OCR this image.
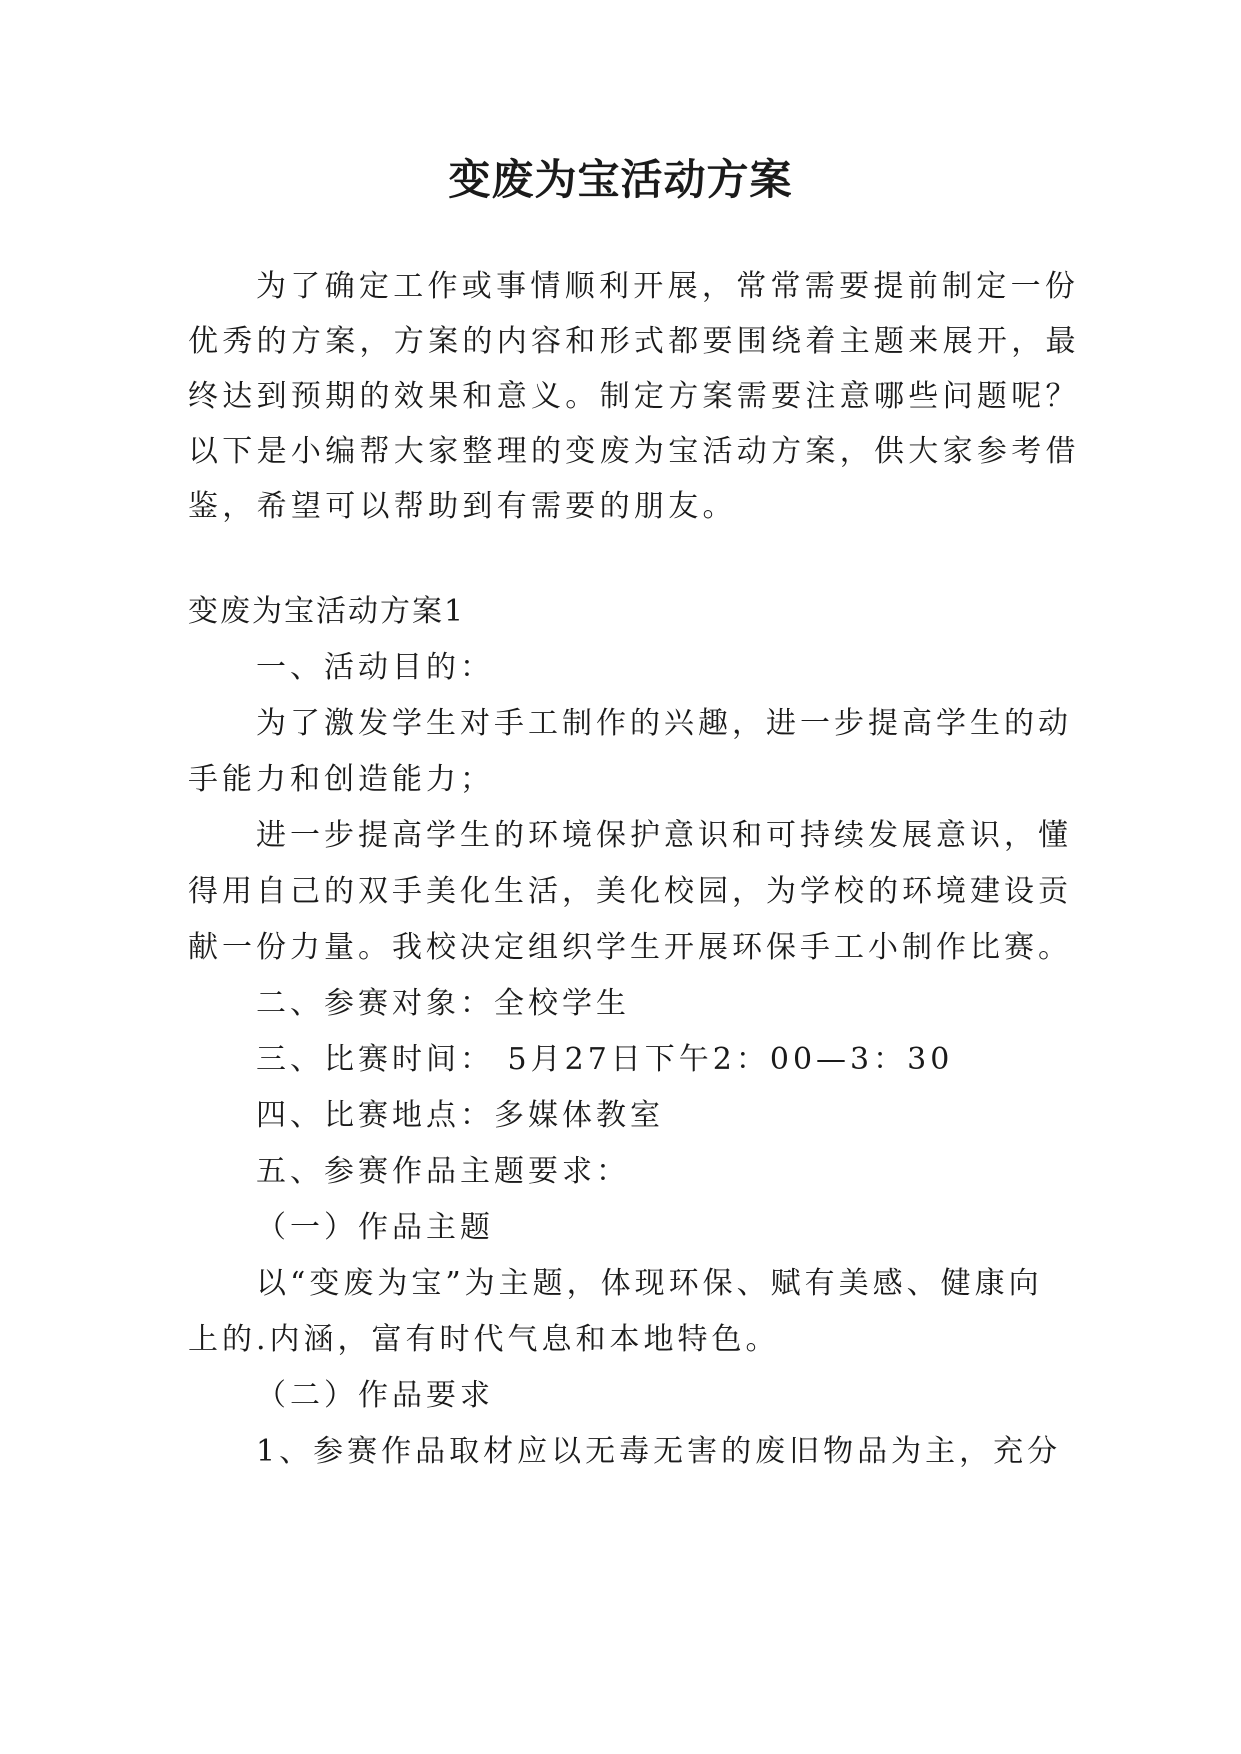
变废为宝活动方案
为了确定工作或事情顺利开展，常常需要提前制定一份
优秀的方案，方案的内容和形式都要围绕着主题来展开，最
终达到预期的效果和意义。制定方案需要注意哪些问题呢？
以下是小编帮大家整理的变废为宝活动方案，供大家参考借
鉴，希望可以帮助到有需要的朋友。
变废为宝活动方案1
一、活动目的：
为了激发学生对手工制作的兴趣，进一步提高学生的动
手能力和创造能力；
进一步提高学生的环境保护意识和可持续发展意识，懂
得用自己的双手美化生活，美化校园，为学校的环境建设贡
献一份力量。我校决定组织学生开展环保手工小制作比赛。
二、参赛对象：全校学生
三、比赛时间： 5月27日下午2：00—3：30
四、比赛地点：多媒体教室
五、参赛作品主题要求：
（一）作品主题
以“变废为宝”为主题，体现环保、赋有美感、健康向
上的.内涵，富有时代气息和本地特色。
（二）作品要求
1、参赛作品取材应以无毒无害的废旧物品为主，充分
